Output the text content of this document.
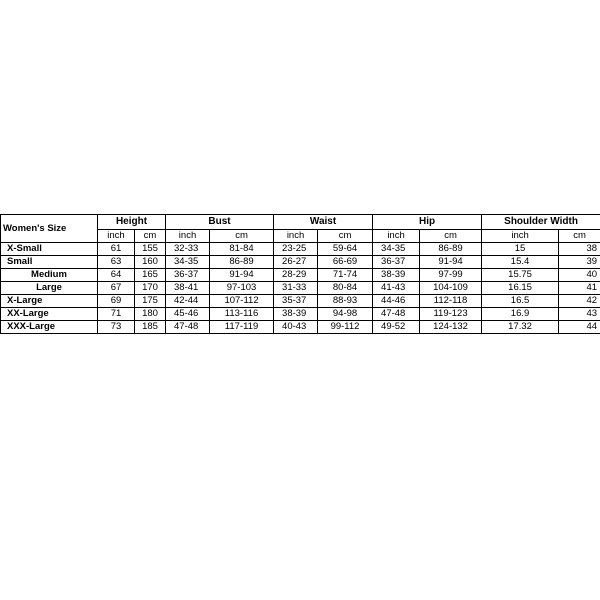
Women's Size	Height		Bust		Waist		Hip		Shoulder Width	
	inch	cm	inch	cm	inch	cm	inch	cm	inch	cm
X-Small	61	155	32-33	81-84	23-25	59-64	34-35	86-89	15	38
Small	63	160	34-35	86-89	26-27	66-69	36-37	91-94	15.4	39
Medium	64	165	36-37	91-94	28-29	71-74	38-39	97-99	15.75	40
Large	67	170	38-41	97-103	31-33	80-84	41-43	104-109	16.15	41
X-Large	69	175	42-44	107-112	35-37	88-93	44-46	112-118	16.5	42
XX-Large	71	180	45-46	113-116	38-39	94-98	47-48	119-123	16.9	43
XXX-Large	73	185	47-48	117-119	40-43	99-112	49-52	124-132	17.32	44
